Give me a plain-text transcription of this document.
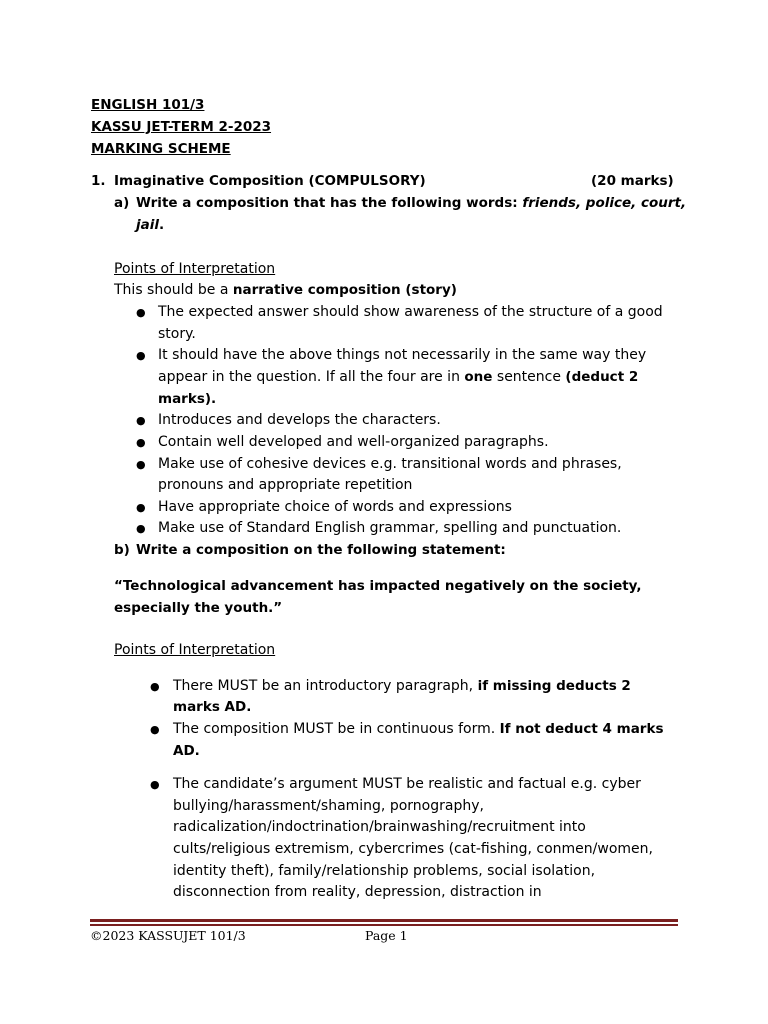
ENGLISH 101/3
KASSU JET-TERM 2-2023
MARKING SCHEME
1. Imaginative Composition (COMPULSORY)	(20 marks)
a) Write a composition that has the following words: friends, police, court,
jail.
Points of Interpretation
This should be a narrative composition (story)
● The expected answer should show awareness of the structure of a good
story.
● It should have the above things not necessarily in the same way they
appear in the question. If all the four are in one sentence (deduct 2
marks).
● Introduces and develops the characters.
● Contain well developed and well-organized paragraphs.
● Make use of cohesive devices e.g. transitional words and phrases,
pronouns and appropriate repetition
● Have appropriate choice of words and expressions
● Make use of Standard English grammar, spelling and punctuation.
b) Write a composition on the following statement:
“Technological advancement has impacted negatively on the society,
especially the youth.”
Points of Interpretation
● There MUST be an introductory paragraph, if missing deducts 2
marks AD.
● The composition MUST be in continuous form. If not deduct 4 marks
AD.
● The candidate’s argument MUST be realistic and factual e.g. cyber
bullying/harassment/shaming, pornography,
radicalization/indoctrination/brainwashing/recruitment into
cults/religious extremism, cybercrimes (cat-fishing, conmen/women,
identity theft), family/relationship problems, social isolation,
disconnection from reality, depression, distraction in
©2023 KASSUJET 101/3	Page 1
